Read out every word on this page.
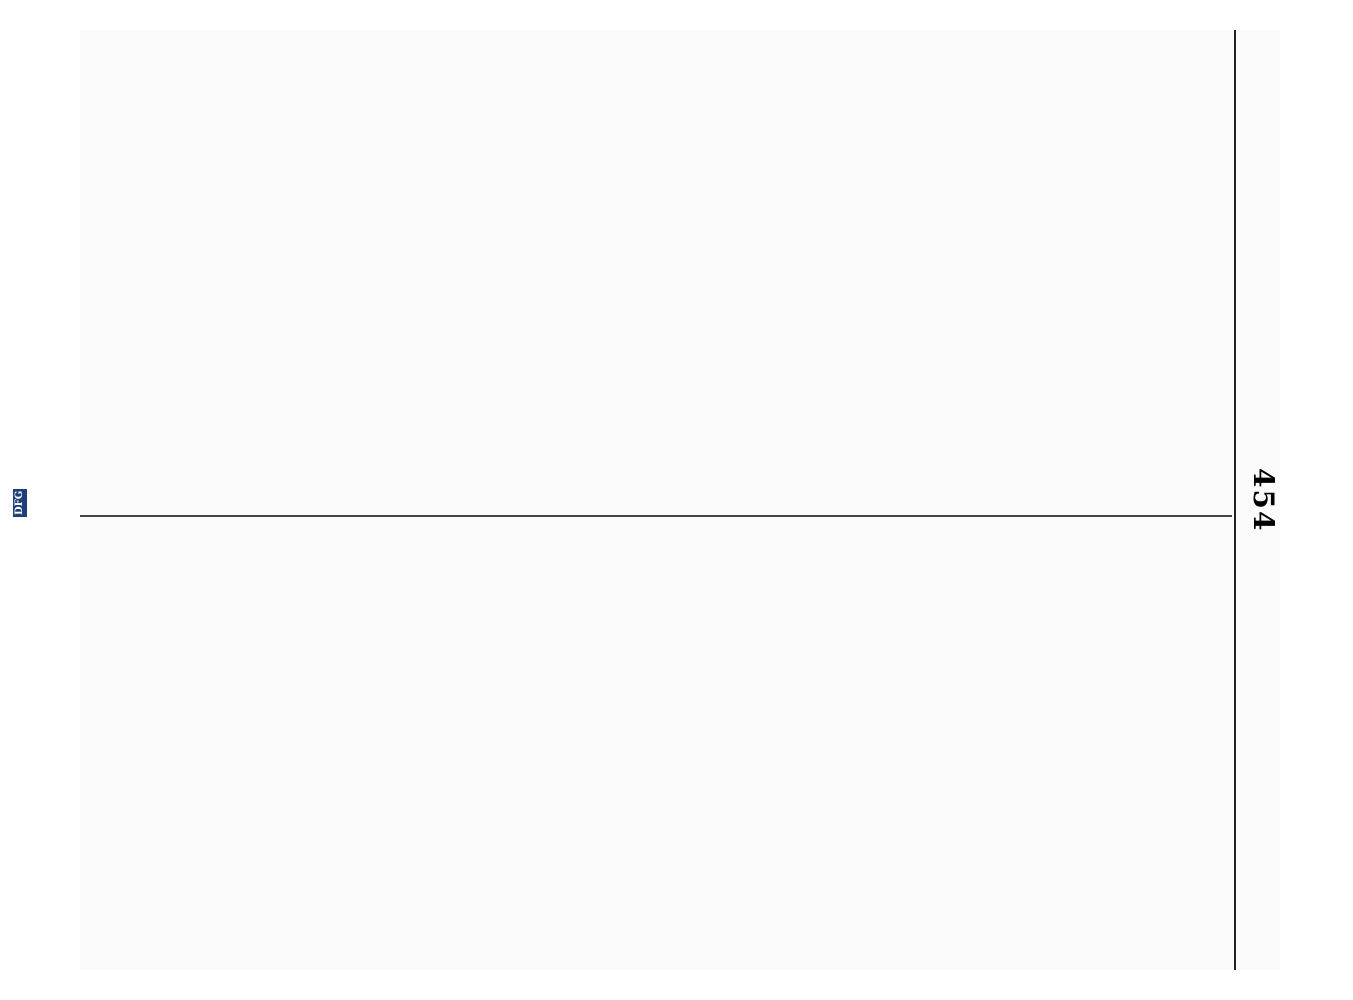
454
DFG
